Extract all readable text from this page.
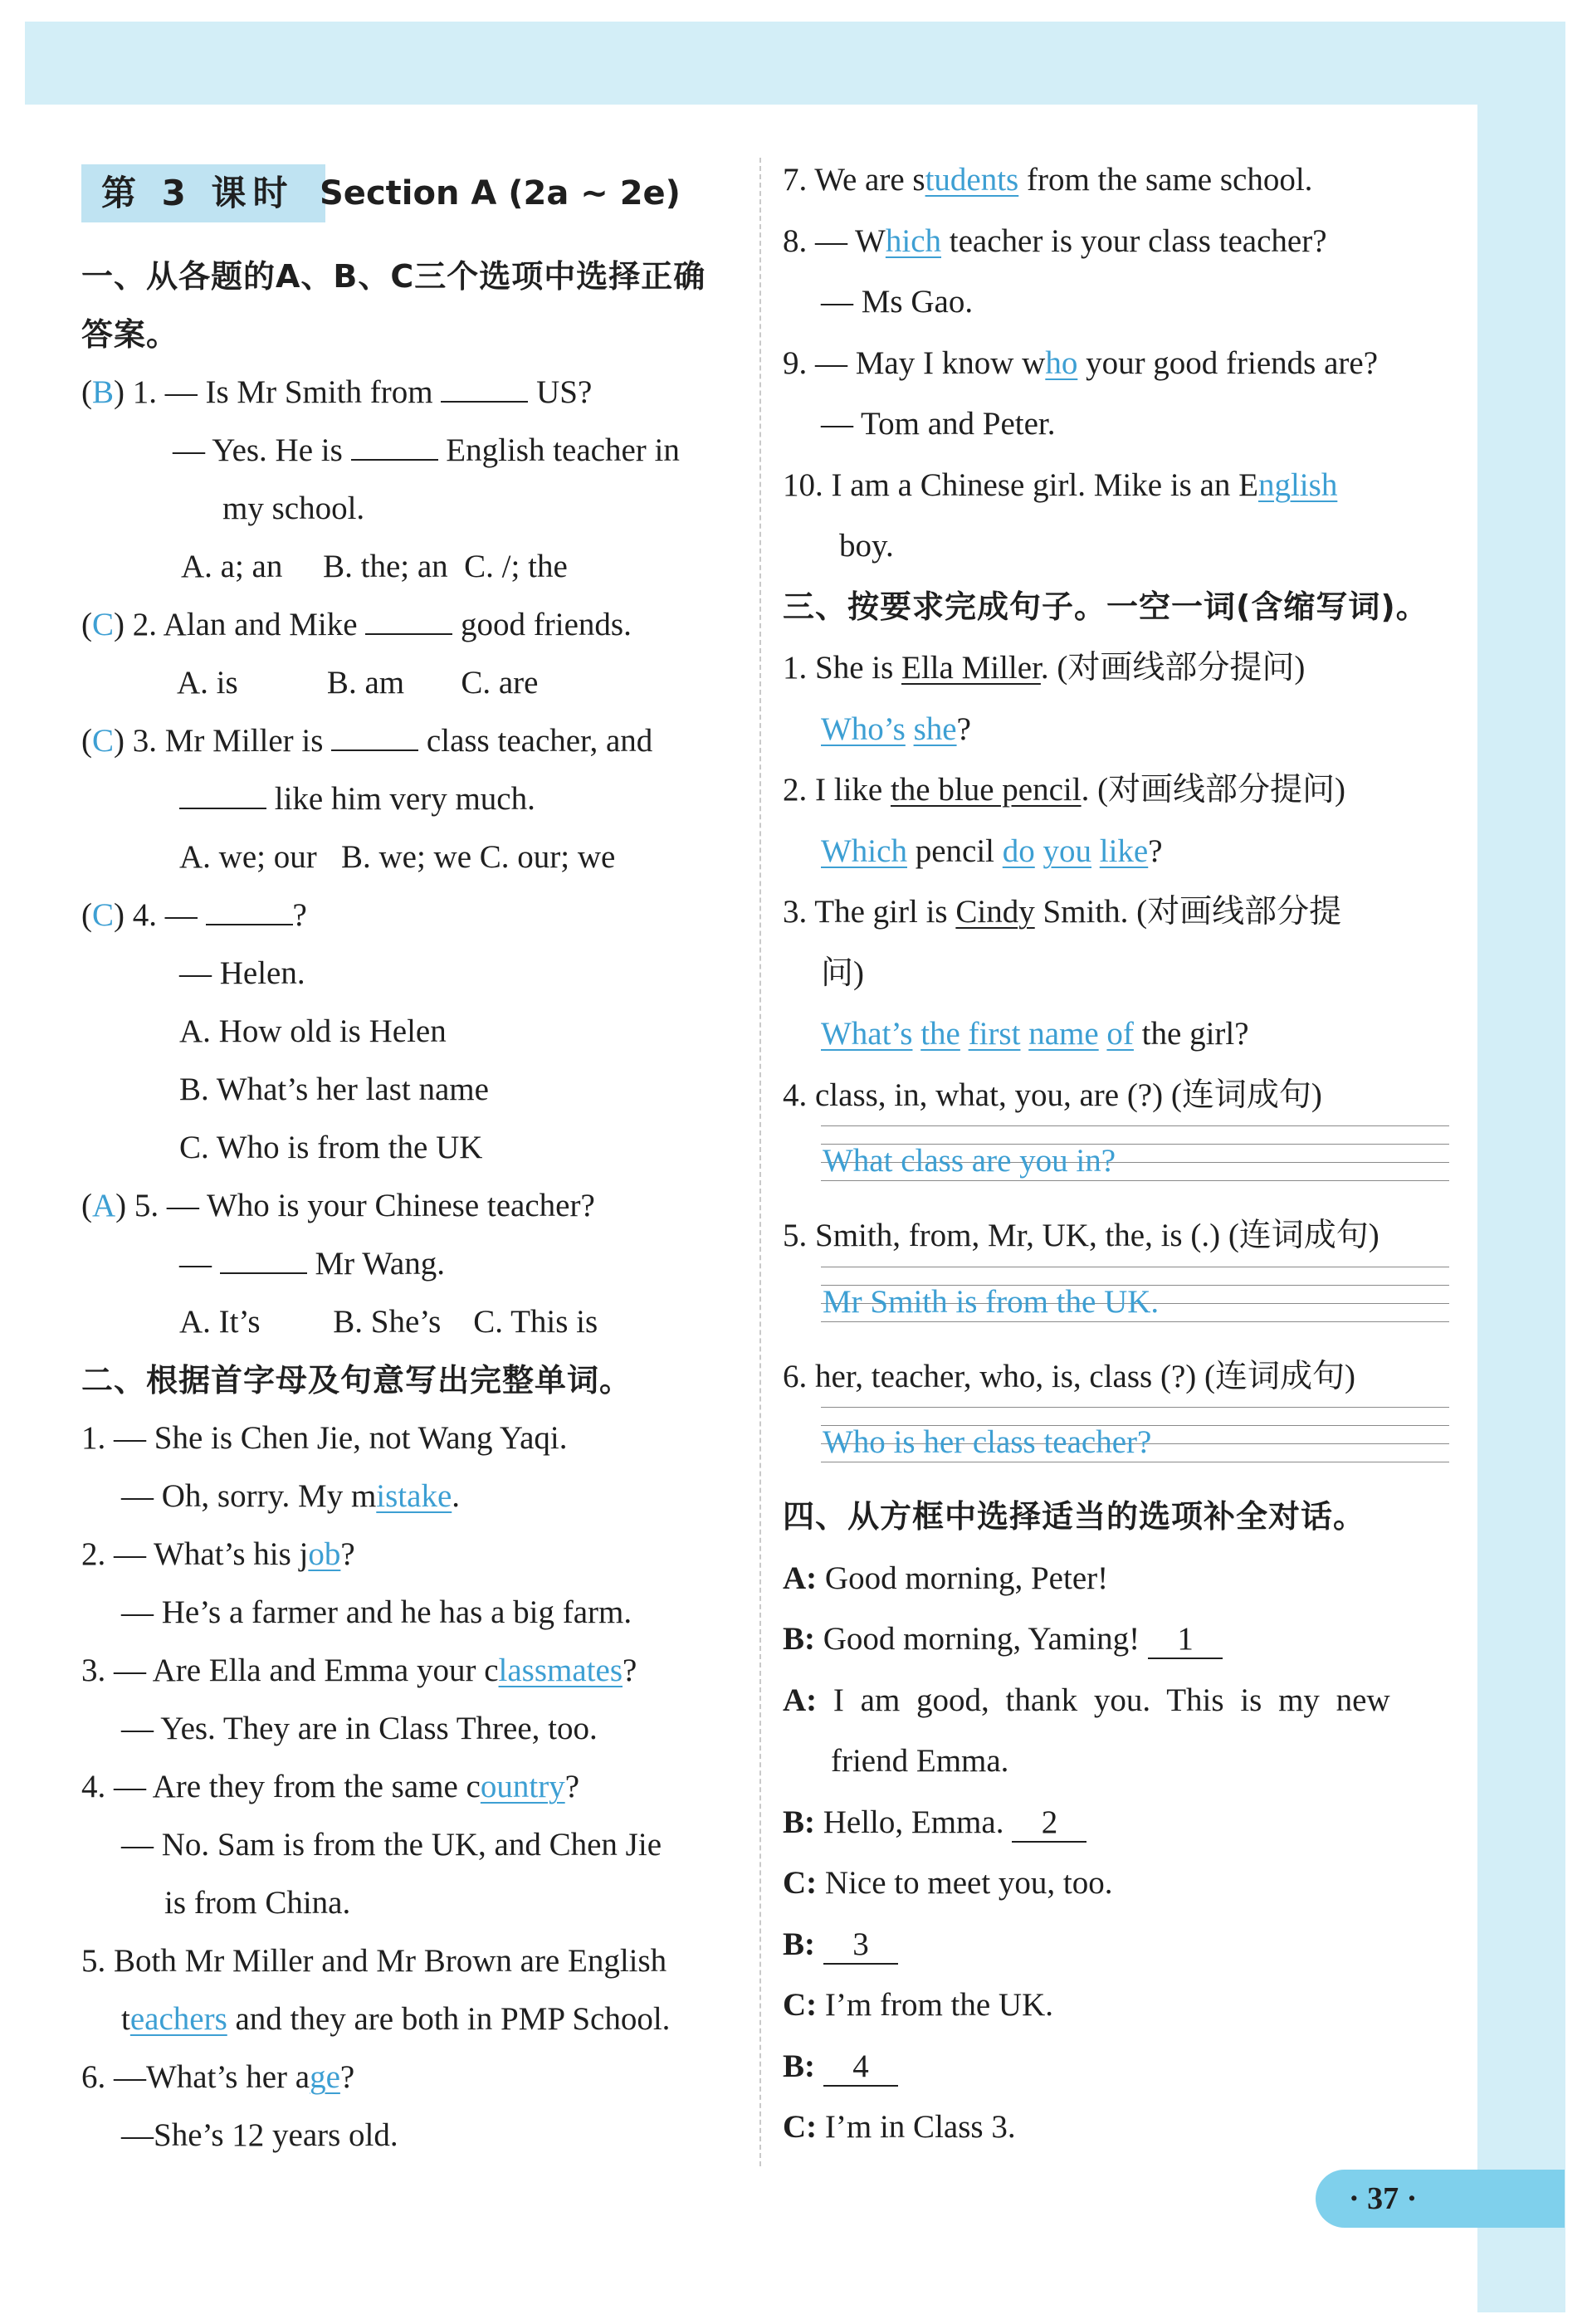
第 3 课时 Section A (2a ~ 2e)
一、从各题的A、B、C三个选项中选择正确
答案。
(B) 1. — Is Mr Smith from	US?
— Yes. He is	English teacher in
my school.
A. a; an     B. the; an  C. /; the
(C) 2. Alan and Mike	good friends.
A. is           B. am       C. are
(C) 3. Mr Miller is	class teacher, and
like him very much.
A. we; our   B. we; we C. our; we
(C) 4. —	?
— Helen.
A. How old is Helen
B. What’s her last name
C. Who is from the UK
(A) 5. — Who is your Chinese teacher?
—	Mr Wang.
A. It’s         B. She’s    C. This is
二、根据首字母及句意写出完整单词。
1. — She is Chen Jie, not Wang Yaqi.
— Oh, sorry. My mistake.
2. — What’s his job?
— He’s a farmer and he has a big farm.
3. — Are Ella and Emma your classmates?
— Yes. They are in Class Three, too.
4. — Are they from the same country?
— No. Sam is from the UK, and Chen Jie
is from China.
5. Both Mr Miller and Mr Brown are English
teachers and they are both in PMP School.
6. —What’s her age?
—She’s 12 years old.
7. We are students from the same school.
8. — Which teacher is your class teacher?
— Ms Gao.
9. — May I know who your good friends are?
— Tom and Peter.
10. I am a Chinese girl. Mike is an English
boy.
三、按要求完成句子。一空一词(含缩写词)。
1. She is Ella Miller. (对画线部分提问)
Who’s she?
2. I like the blue pencil. (对画线部分提问)
Which pencil do you like?
3. The girl is Cindy Smith. (对画线部分提
问)
What’s the first name of the girl?
4. class, in, what, you, are (?) (连词成句)
What class are you in?
5. Smith, from, Mr, UK, the, is (.) (连词成句)
Mr Smith is from the UK.
6. her, teacher, who, is, class (?) (连词成句)
Who is her class teacher?
四、从方框中选择适当的选项补全对话。
A: Good morning, Peter!
B: Good morning, Yaming! 1
A: I am good, thank you. This is my new
friend Emma.
B: Hello, Emma. 2
C: Nice to meet you, too.
B: 3
C: I’m from the UK.
B: 4
C: I’m in Class 3.
· 37 ·
